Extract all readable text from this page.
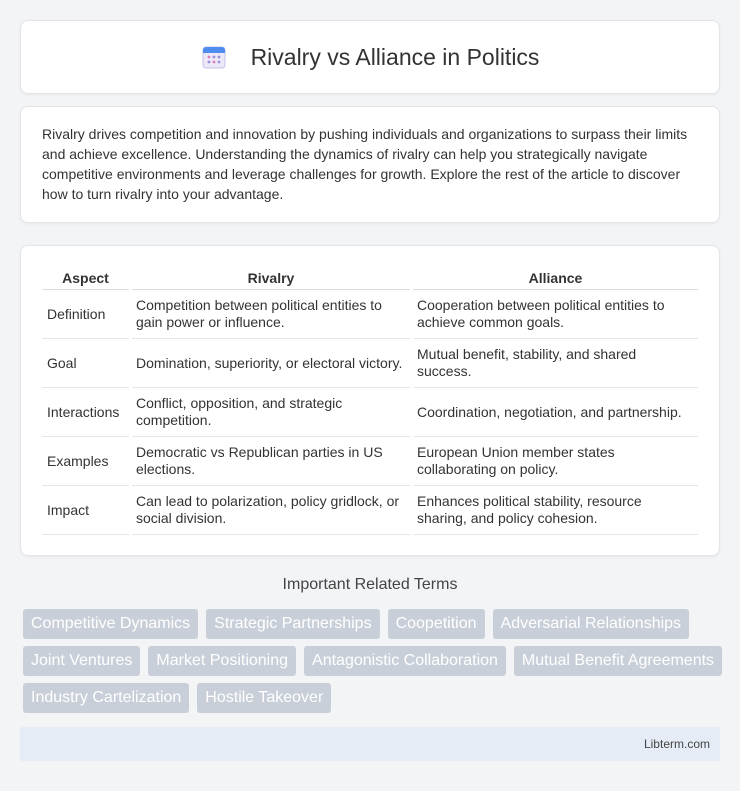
Rivalry vs Alliance in Politics

Rivalry drives competition and innovation by pushing individuals and organizations to surpass their limits and achieve excellence. Understanding the dynamics of rivalry can help you strategically navigate competitive environments and leverage challenges for growth. Explore the rest of the article to discover how to turn rivalry into your advantage.

Aspect	Rivalry	Alliance
Definition	Competition between political entities to gain power or influence.	Cooperation between political entities to achieve common goals.
Goal	Domination, superiority, or electoral victory.	Mutual benefit, stability, and shared success.
Interactions	Conflict, opposition, and strategic competition.	Coordination, negotiation, and partnership.
Examples	Democratic vs Republican parties in US elections.	European Union member states collaborating on policy.
Impact	Can lead to polarization, policy gridlock, or social division.	Enhances political stability, resource sharing, and policy cohesion.
Important Related Terms
Competitive Dynamics	Strategic Partnerships	Coopetition	Adversarial Relationships
Joint Ventures	Market Positioning	Antagonistic Collaboration	Mutual Benefit Agreements
Industry Cartelization	Hostile Takeover
Libterm.com
